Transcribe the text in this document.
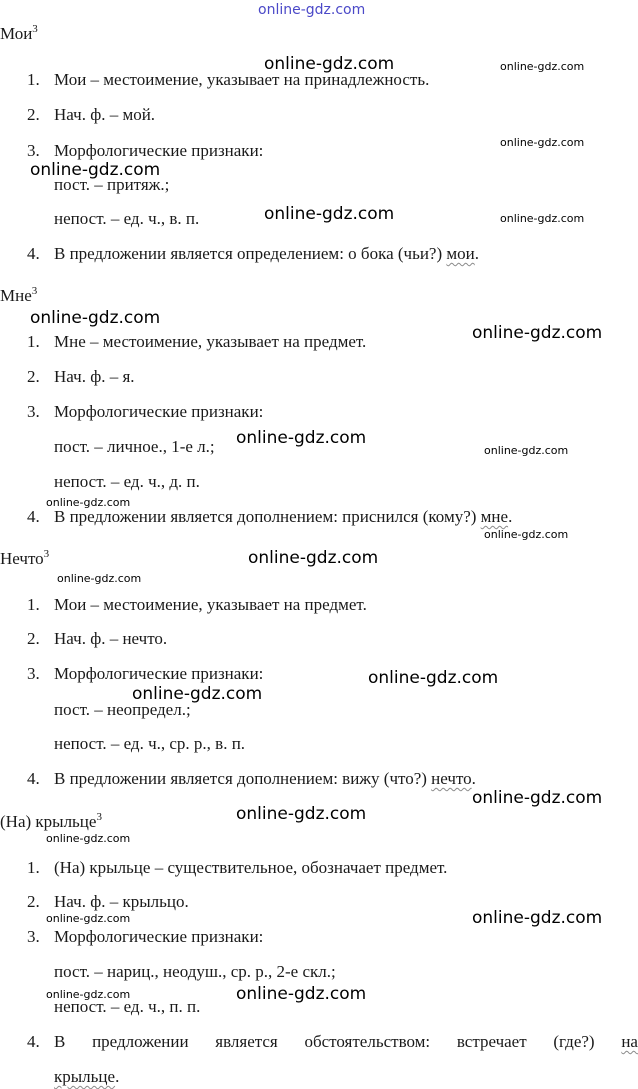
online-gdz.com
Мои$^3$
1. Мои – местоимение, указывает на принадлежность.
2. Нач. ф. – мой.
3. Морфологические признаки:
пост. – притяж.;
непост. – ед. ч., в. п.
4. В предложении является определением: о бока (чьи?) мои.
Мне$^3$
1. Мне – местоимение, указывает на предмет.
2. Нач. ф. – я.
3. Морфологические признаки:
пост. – личное., 1-е л.;
непост. – ед. ч., д. п.
4. В предложении является дополнением: приснился (кому?) мне.
Нечто$^3$
1. Мои – местоимение, указывает на предмет.
2. Нач. ф. – нечто.
3. Морфологические признаки:
пост. – неопредел.;
непост. – ед. ч., ср. р., в. п.
4. В предложении является дополнением: вижу (что?) нечто.
(На) крыльце$^3$
1. (На) крыльце – существительное, обозначает предмет.
2. Нач. ф. – крыльцо.
3. Морфологические признаки:
пост. – нариц., неодуш., ср. р., 2-е скл.;
непост. – ед. ч., п. п.
4. В предложении является обстоятельством: встречает (где?) на
крыльце.
online-gdz.com	online-gdz.com
online-gdz.com
online-gdz.com
online-gdz.com	online-gdz.com
online-gdz.com
online-gdz.com
online-gdz.com
online-gdz.com
online-gdz.com
online-gdz.com
online-gdz.com
online-gdz.com
online-gdz.com
online-gdz.com
online-gdz.com
online-gdz.com
online-gdz.com
online-gdz.com	online-gdz.com
online-gdz.com
online-gdz.com
